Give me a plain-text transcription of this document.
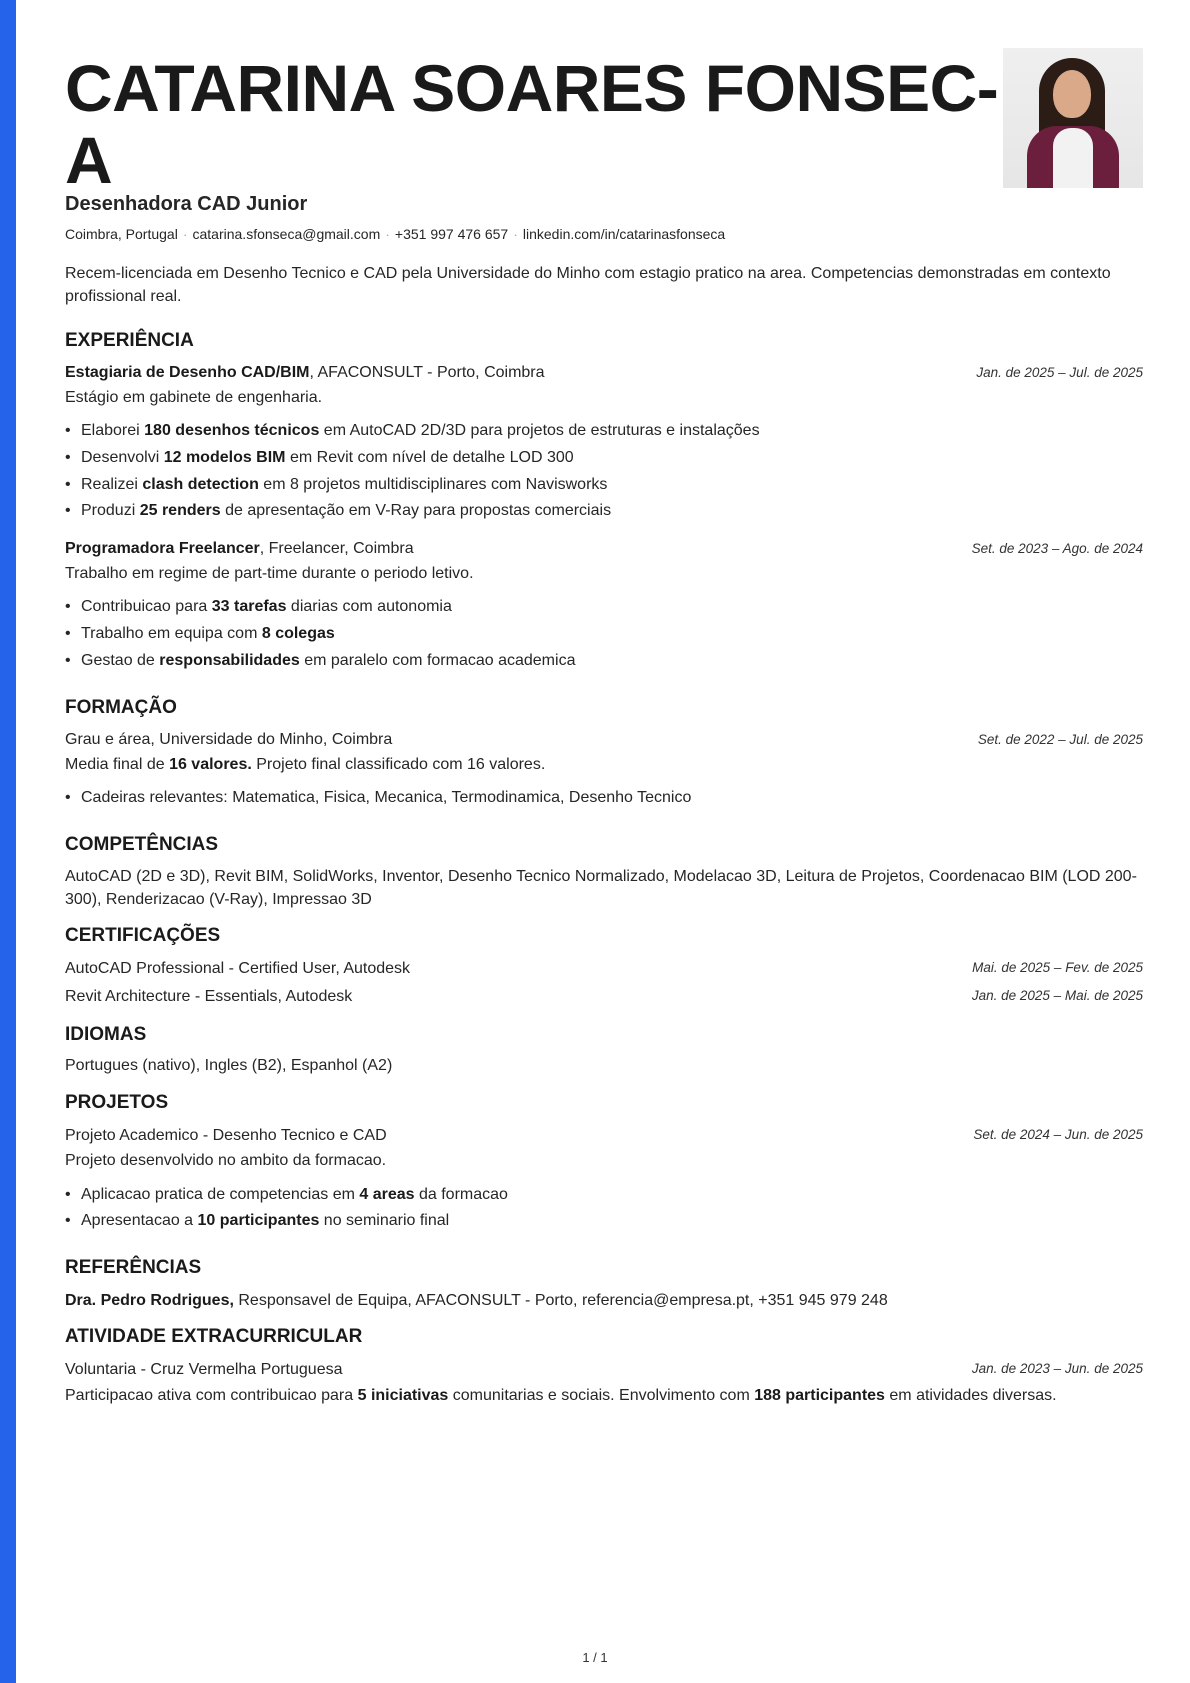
CATARINA SOARES FONSEC-
A
Desenhadora CAD Junior
Coimbra, Portugal · catarina.sfonseca@gmail.com · +351 997 476 657 · linkedin.com/in/catarinasfonseca

Recem-licenciada em Desenho Tecnico e CAD pela Universidade do Minho com estagio pratico na area. Competencias demonstradas em contexto profissional real.

EXPERIÊNCIA
Estagiaria de Desenho CAD/BIM, AFACONSULT - Porto, Coimbra	Jan. de 2025 – Jul. de 2025
Estágio em gabinete de engenharia.
• Elaborei 180 desenhos técnicos em AutoCAD 2D/3D para projetos de estruturas e instalações
• Desenvolvi 12 modelos BIM em Revit com nível de detalhe LOD 300
• Realizei clash detection em 8 projetos multidisciplinares com Navisworks
• Produzi 25 renders de apresentação em V-Ray para propostas comerciais
Programadora Freelancer, Freelancer, Coimbra	Set. de 2023 – Ago. de 2024
Trabalho em regime de part-time durante o periodo letivo.
• Contribuicao para 33 tarefas diarias com autonomia
• Trabalho em equipa com 8 colegas
• Gestao de responsabilidades em paralelo com formacao academica
FORMAÇÃO
Grau e área, Universidade do Minho, Coimbra	Set. de 2022 – Jul. de 2025
Media final de 16 valores. Projeto final classificado com 16 valores.
• Cadeiras relevantes: Matematica, Fisica, Mecanica, Termodinamica, Desenho Tecnico
COMPETÊNCIAS
AutoCAD (2D e 3D), Revit BIM, SolidWorks, Inventor, Desenho Tecnico Normalizado, Modelacao 3D, Leitura de Projetos, Coordenacao BIM (LOD 200-300), Renderizacao (V-Ray), Impressao 3D
CERTIFICAÇÕES
AutoCAD Professional - Certified User, Autodesk	Mai. de 2025 – Fev. de 2025
Revit Architecture - Essentials, Autodesk	Jan. de 2025 – Mai. de 2025
IDIOMAS
Portugues (nativo), Ingles (B2), Espanhol (A2)
PROJETOS
Projeto Academico - Desenho Tecnico e CAD	Set. de 2024 – Jun. de 2025
Projeto desenvolvido no ambito da formacao.
• Aplicacao pratica de competencias em 4 areas da formacao
• Apresentacao a 10 participantes no seminario final
REFERÊNCIAS
Dra. Pedro Rodrigues, Responsavel de Equipa, AFACONSULT - Porto, referencia@empresa.pt, +351 945 979 248
ATIVIDADE EXTRACURRICULAR
Voluntaria - Cruz Vermelha Portuguesa	Jan. de 2023 – Jun. de 2025
Participacao ativa com contribuicao para 5 iniciativas comunitarias e sociais. Envolvimento com 188 participantes em atividades diversas.
1 / 1
